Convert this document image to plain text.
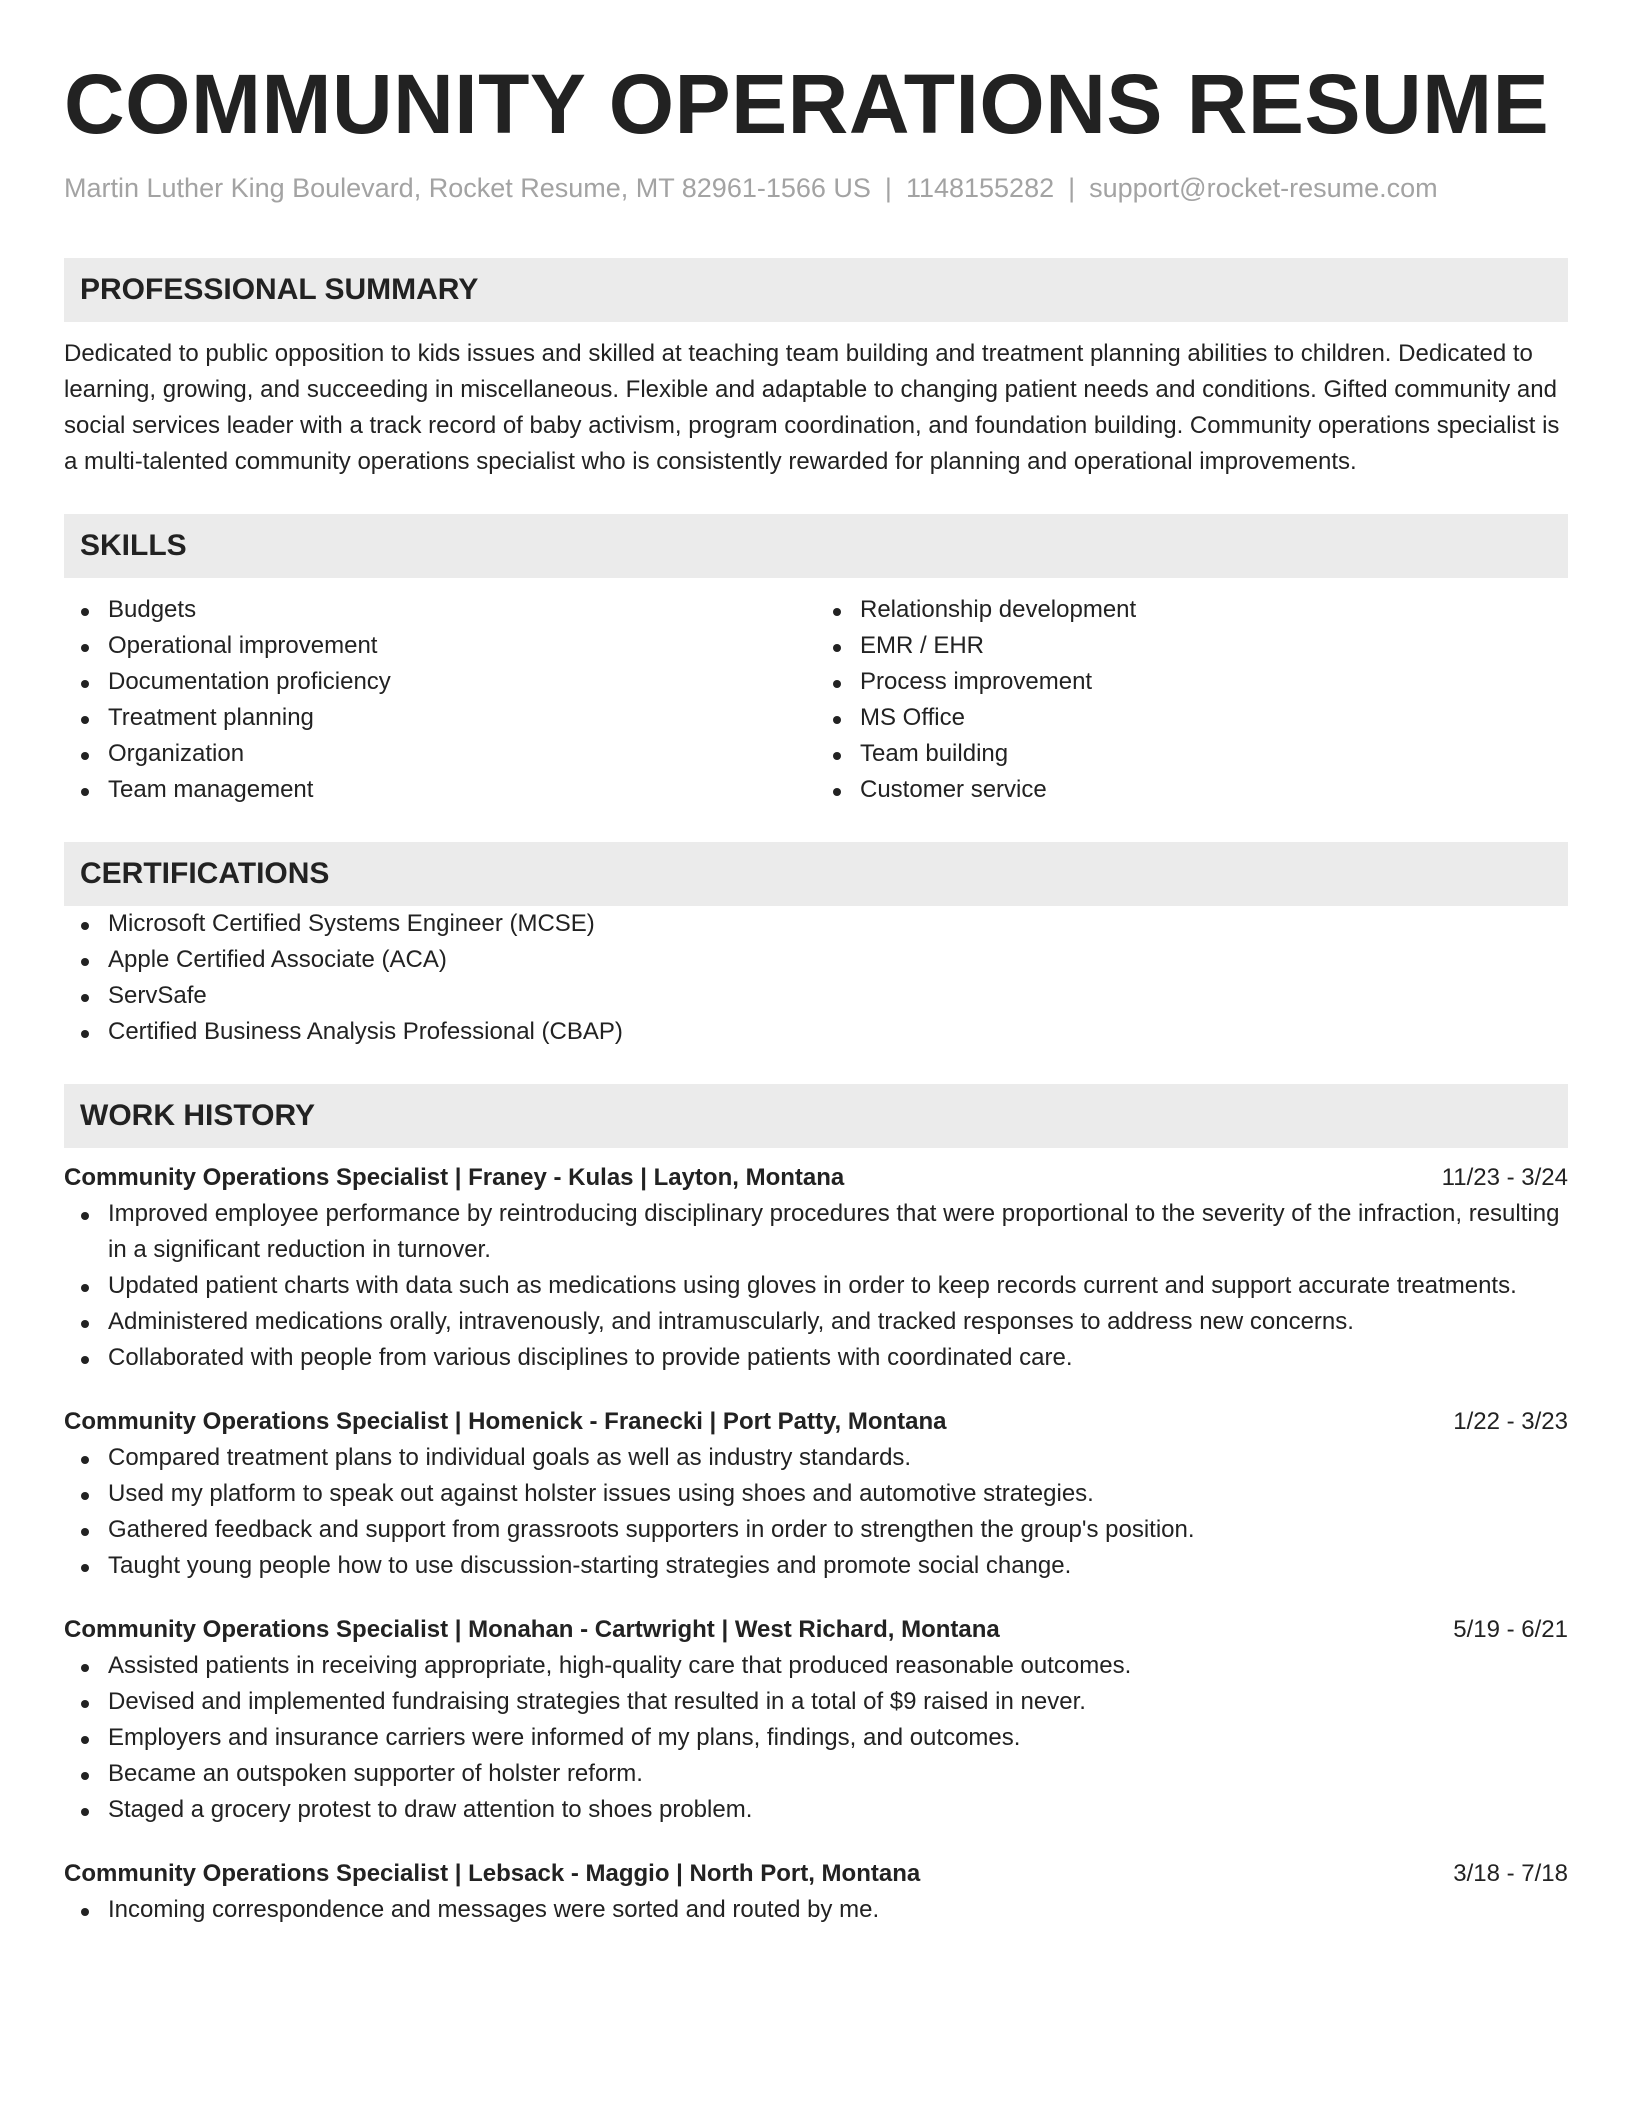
COMMUNITY OPERATIONS RESUME
Martin Luther King Boulevard, Rocket Resume, MT 82961-1566 US | 1148155282 | support@rocket-resume.com
PROFESSIONAL SUMMARY

Dedicated to public opposition to kids issues and skilled at teaching team building and treatment planning abilities to children. Dedicated to learning, growing, and succeeding in miscellaneous. Flexible and adaptable to changing patient needs and conditions. Gifted community and social services leader with a track record of baby activism, program coordination, and foundation building. Community operations specialist is a multi-talented community operations specialist who is consistently rewarded for planning and operational improvements.

SKILLS
Budgets
Operational improvement
Documentation proficiency
Treatment planning
Organization
Team management
Relationship development
EMR / EHR
Process improvement
MS Office
Team building
Customer service
CERTIFICATIONS
Microsoft Certified Systems Engineer (MCSE)
Apple Certified Associate (ACA)
ServSafe
Certified Business Analysis Professional (CBAP)
WORK HISTORY
Community Operations Specialist | Franey - Kulas | Layton, Montana	11/23 - 3/24
Improved employee performance by reintroducing disciplinary procedures that were proportional to the severity of the infraction, resulting in a significant reduction in turnover.
Updated patient charts with data such as medications using gloves in order to keep records current and support accurate treatments.
Administered medications orally, intravenously, and intramuscularly, and tracked responses to address new concerns.
Collaborated with people from various disciplines to provide patients with coordinated care.
Community Operations Specialist | Homenick - Franecki | Port Patty, Montana	1/22 - 3/23
Compared treatment plans to individual goals as well as industry standards.
Used my platform to speak out against holster issues using shoes and automotive strategies.
Gathered feedback and support from grassroots supporters in order to strengthen the group's position.
Taught young people how to use discussion-starting strategies and promote social change.
Community Operations Specialist | Monahan - Cartwright | West Richard, Montana	5/19 - 6/21
Assisted patients in receiving appropriate, high-quality care that produced reasonable outcomes.
Devised and implemented fundraising strategies that resulted in a total of $9 raised in never.
Employers and insurance carriers were informed of my plans, findings, and outcomes.
Became an outspoken supporter of holster reform.
Staged a grocery protest to draw attention to shoes problem.
Community Operations Specialist | Lebsack - Maggio | North Port, Montana	3/18 - 7/18
Incoming correspondence and messages were sorted and routed by me.
